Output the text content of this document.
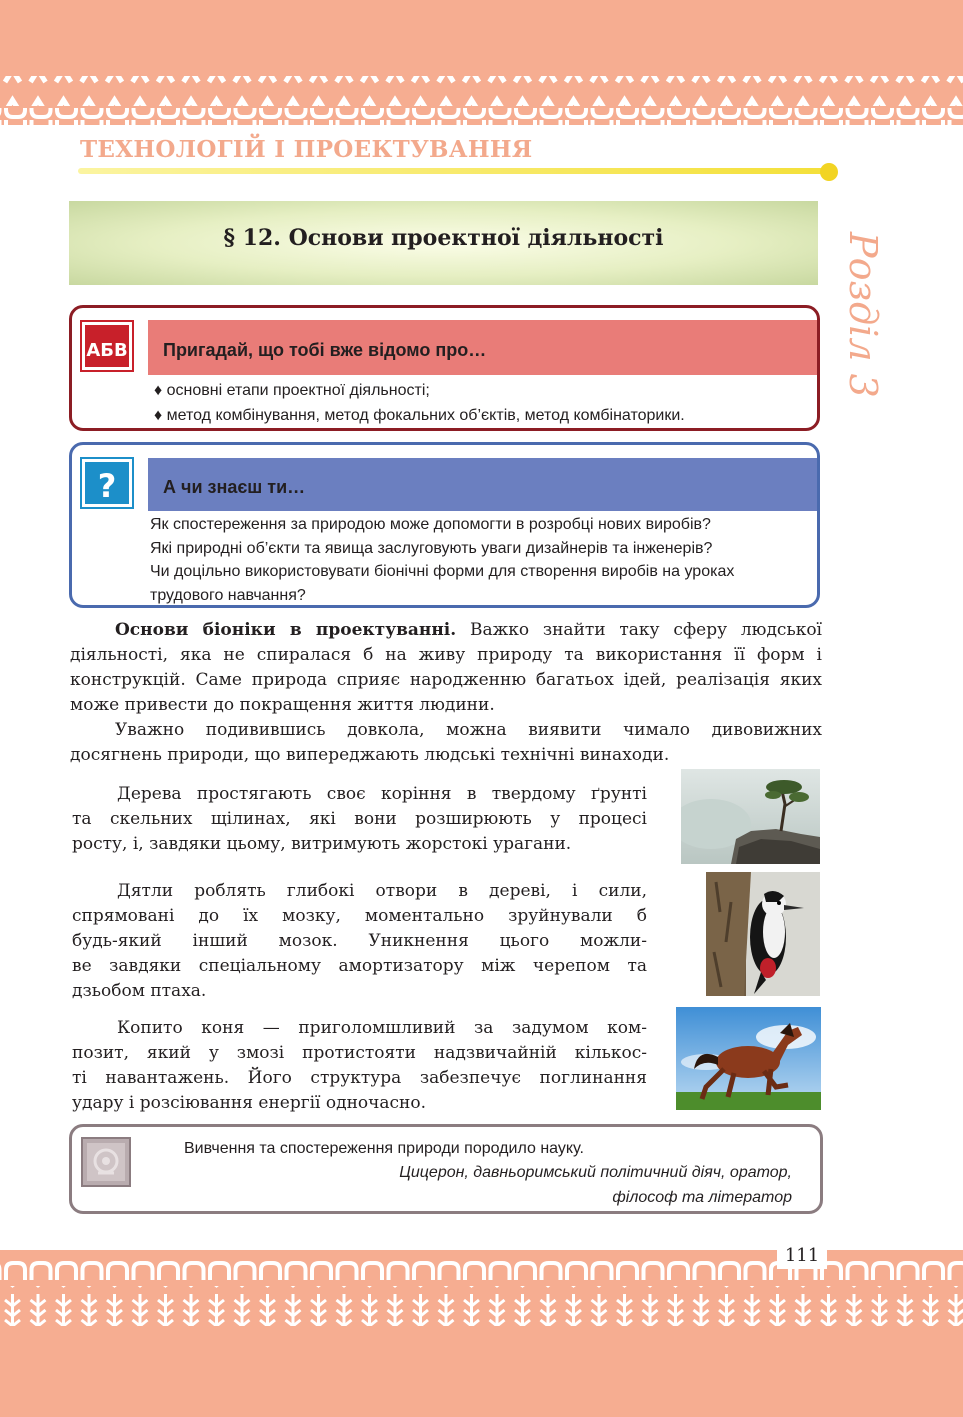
ТЕХНОЛОГІЙ І ПРОЕКТУВАННЯ
Розділ 3
§ 12. Основи проектної діяльності
АБВ	Пригадай, що тобі вже відомо про…
♦ основні етапи проектної діяльності;
♦ метод комбінування, метод фокальних об’єктів, метод комбінаторики.
?	А чи знаєш ти…
Як спостереження за природою може допомогти в розробці нових виробів?
Які природні об’єкти та явища заслуговують уваги дизайнерів та інженерів?
Чи доцільно використовувати біонічні форми для створення виробів на уроках
трудового навчання?

Основи біоніки в проектуванні. Важко знайти таку сферу людської діяльності, яка не спиралася б на живу природу та використання її форм і конструкцій. Саме природа сприяє народженню багатьох ідей, реалізація яких може привести до покращення життя людини.

Уважно подивившись довкола, можна виявити чимало дивовижних досягнень природи, що випереджають людські технічні винаходи.

Дерева простягають своє коріння в твердому ґрунті
та скельних щілинах, які вони розширюють у процесі
росту, і, завдяки цьому, витримують жорстокі урагани.
Дятли роблять глибокі отвори в дереві, і сили,
спрямовані до їх мозку, моментально зруйнували б
будь-який інший мозок. Уникнення цього можли-
ве завдяки спеціальному амортизатору між черепом та
дзьобом птаха.
Копито коня — приголомшливий за задумом ком-
позит, який у змозі протистояти надзвичайній кількос-
ті навантажень. Його структура забезпечує поглинання
удару і розсіювання енергії одночасно.
Вивчення та спостереження природи породило науку.
Цицерон, давньоримський політичний діяч, оратор,
філософ та літератор
111
